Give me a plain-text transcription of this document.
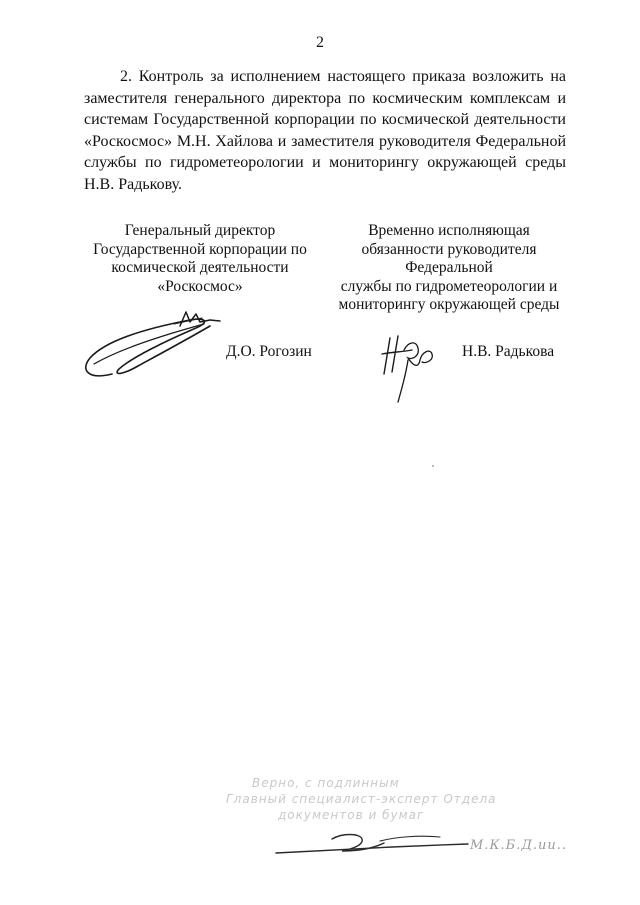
2
2. Контроль за исполнением настоящего приказа возложить на заместителя генерального директора по космическим комплексам и системам Государственной корпорации по космической деятельности «Роскосмос» М.Н. Хайлова и заместителя руководителя Федеральной службы по гидрометеорологии и мониторингу окружающей среды Н.В. Радькову.
Генеральный директор
Государственной корпорации по
космической деятельности
«Роскосмос»
Временно исполняющая
обязанности руководителя
Федеральной
службы по гидрометеорологии и
мониторингу окружающей среды
Д.О. Рогозин	Н.В. Радькова
Верно, с подлинным
Главный специалист-эксперт Отдела
документов и бумаг
М.К.Б.Д.ии..
